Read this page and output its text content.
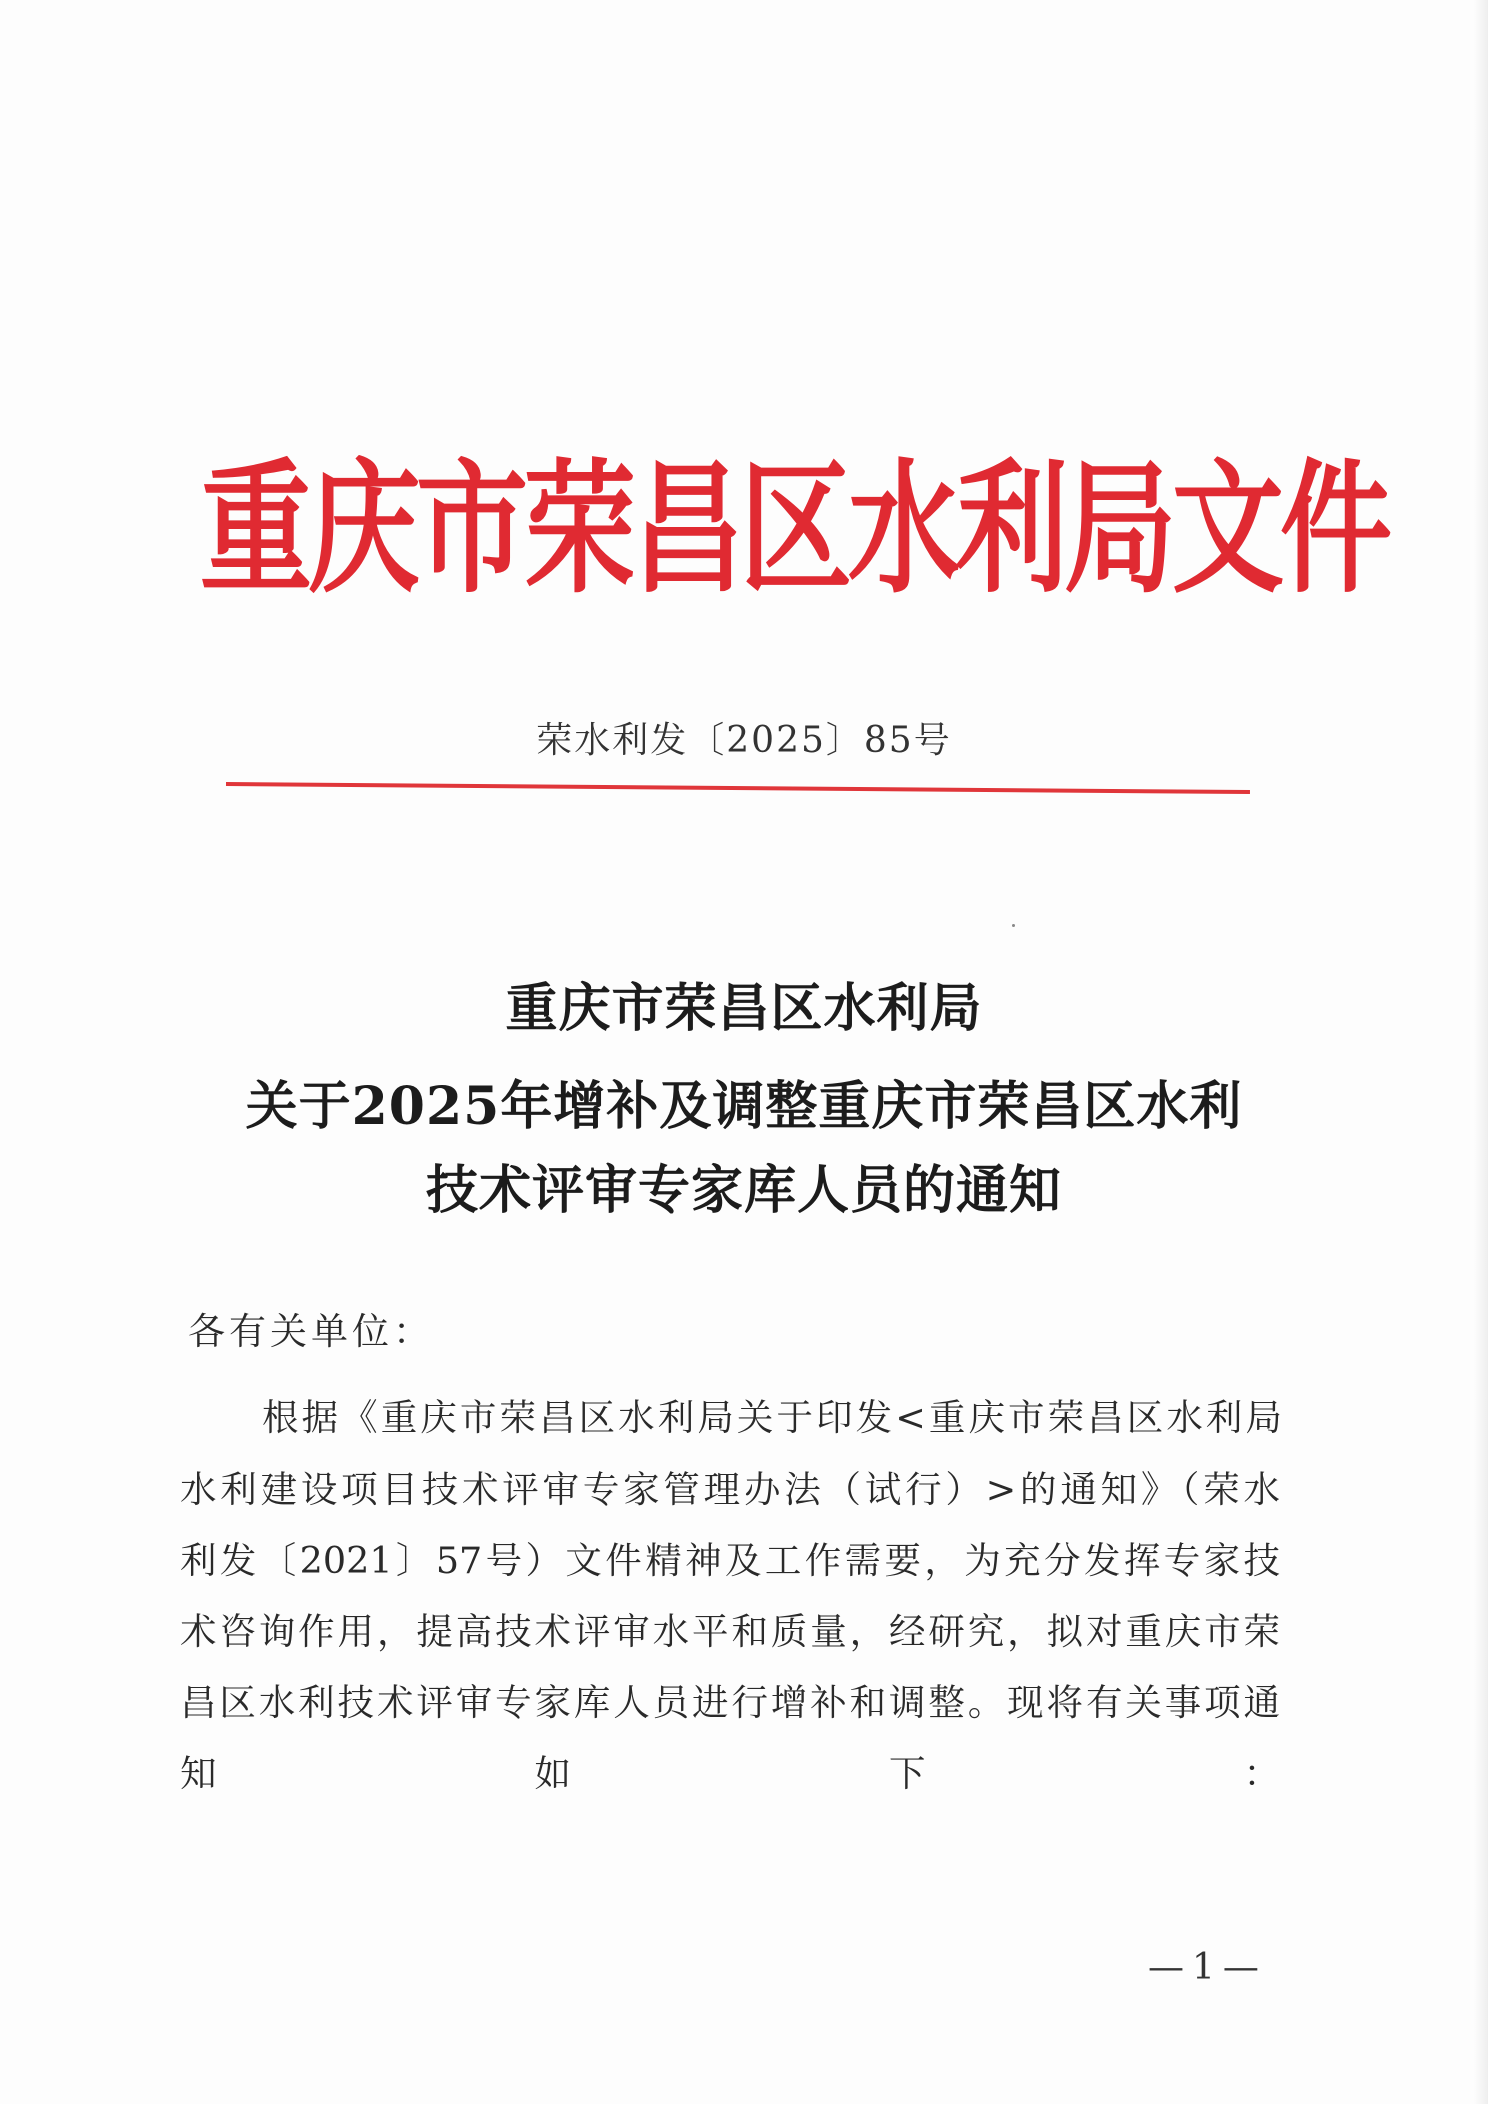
重庆市荣昌区水利局文件
荣水利发〔2025〕85号
重庆市荣昌区水利局
关于2025年增补及调整重庆市荣昌区水利
技术评审专家库人员的通知
各有关单位：
根据《重庆市荣昌区水利局关于印发<重庆市荣昌区水利局
水利建设项目技术评审专家管理办法（试行）>的通知》（荣水
利发〔2021〕57号）文件精神及工作需要，为充分发挥专家技
术咨询作用，提高技术评审水平和质量，经研究，拟对重庆市荣
昌区水利技术评审专家库人员进行增补和调整。现将有关事项通
知如下：
—1—
